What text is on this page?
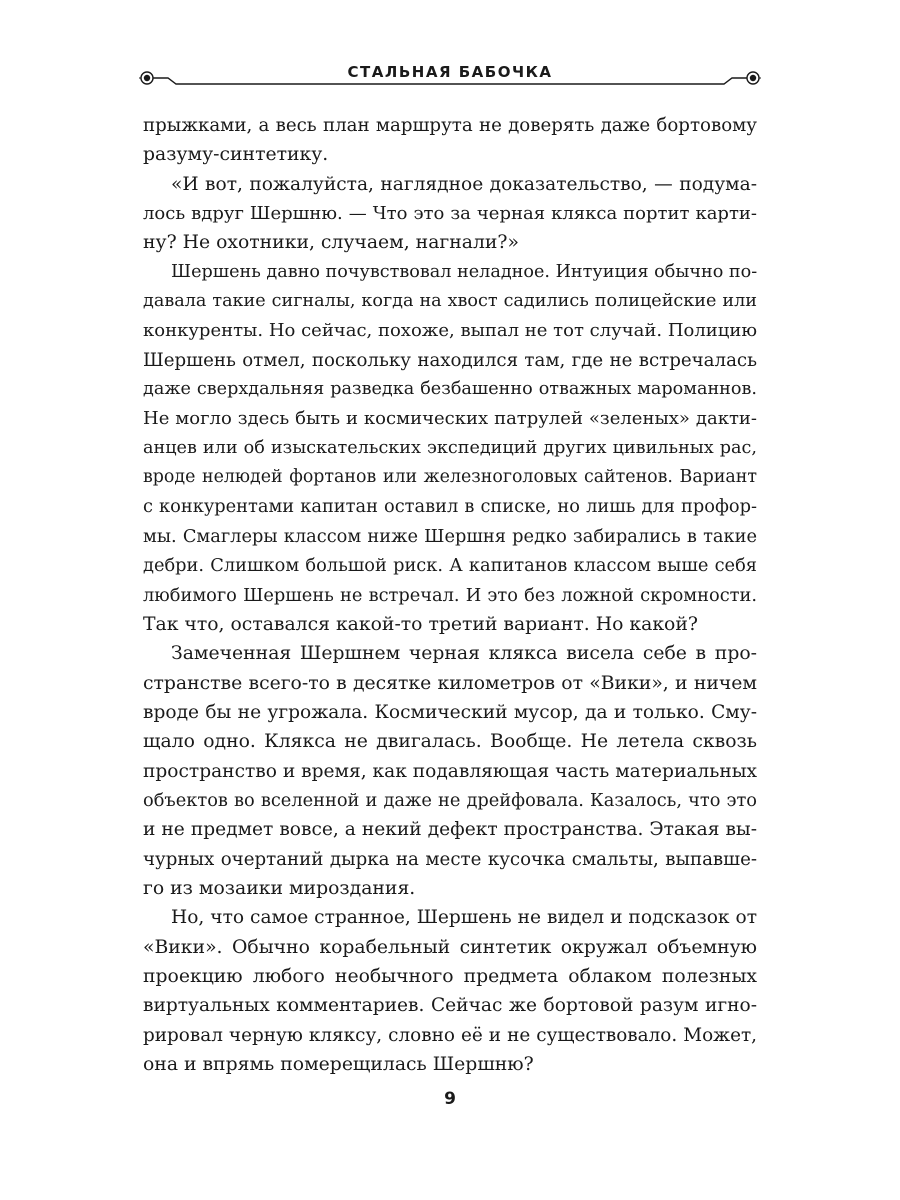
СТАЛЬНАЯ БАБОЧКА
прыжками, а весь план маршрута не доверять даже бортовому
разуму-синтетику.
«И вот, пожалуйста, наглядное доказательство, — подума-
лось вдруг Шершню. — Что это за черная клякса портит карти-
ну? Не охотники, случаем, нагнали?»
Шершень давно почувствовал неладное. Интуиция обычно по-
давала такие сигналы, когда на хвост садились полицейские или
конкуренты. Но сейчас, похоже, выпал не тот случай. Полицию
Шершень отмел, поскольку находился там, где не встречалась
даже сверхдальняя разведка безбашенно отважных мароманнов.
Не могло здесь быть и космических патрулей «зеленых» дакти-
анцев или об изыскательских экспедиций других цивильных рас,
вроде нелюдей фортанов или железноголовых сайтенов. Вариант
с конкурентами капитан оставил в списке, но лишь для профор-
мы. Смаглеры классом ниже Шершня редко забирались в такие
дебри. Слишком большой риск. А капитанов классом выше себя
любимого Шершень не встречал. И это без ложной скромности.
Так что, оставался какой-то третий вариант. Но какой?
Замеченная Шершнем черная клякса висела себе в про-
странстве всего-то в десятке километров от «Вики», и ничем
вроде бы не угрожала. Космический мусор, да и только. Сму-
щало одно. Клякса не двигалась. Вообще. Не летела сквозь
пространство и время, как подавляющая часть материальных
объектов во вселенной и даже не дрейфовала. Казалось, что это
и не предмет вовсе, а некий дефект пространства. Этакая вы-
чурных очертаний дырка на месте кусочка смальты, выпавше-
го из мозаики мироздания.
Но, что самое странное, Шершень не видел и подсказок от
«Вики». Обычно корабельный синтетик окружал объемную
проекцию любого необычного предмета облаком полезных
виртуальных комментариев. Сейчас же бортовой разум игно-
рировал черную кляксу, словно её и не существовало. Может,
она и впрямь померещилась Шершню?
9
